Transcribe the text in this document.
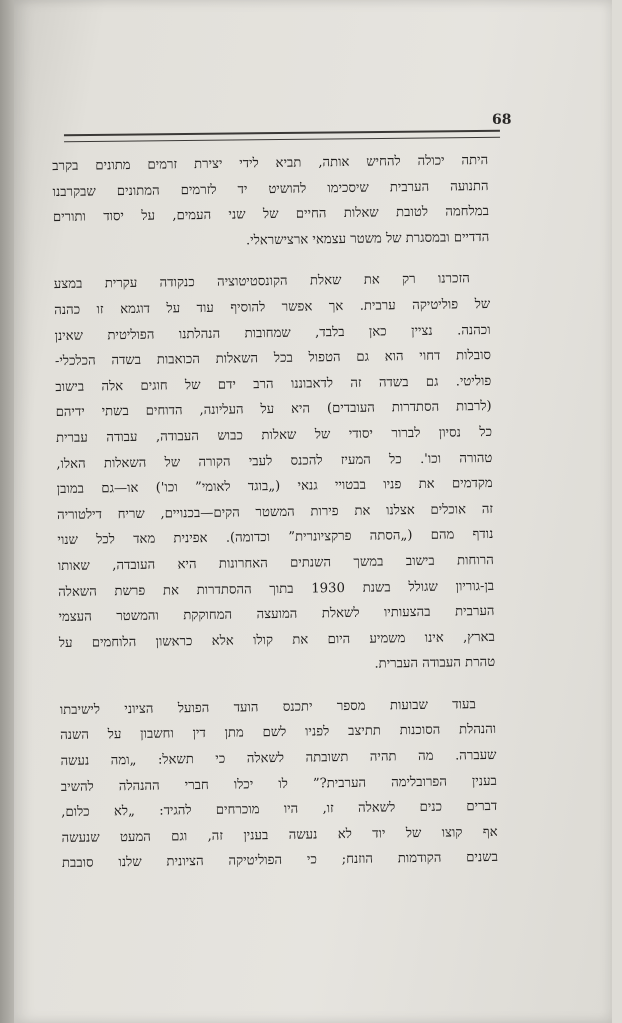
68
היתה יכולה להחיש אותה, תביא לידי יצירת זרמים מתונים בקרב
התנועה הערבית שיסכימו להושיט יד לזרמים המתונים שבקרבנו
במלחמה לטובת שאלות החיים של שני העמים, על יסוד ותורים
הדדיים ובמסגרת של משטר עצמאי ארצישראלי.
הזכרנו רק את שאלת הקונסטיטוציה כנקודה עקרית במצע
של פוליטיקה ערבית. אך אפשר להוסיף עוד על דוגמא זו כהנה
וכהנה. נציין כאן בלבד, שמחובות הנהלתנו הפוליטית שאינן
סובלות דחוי הוא גם הטפול בכל השאלות הכואבות בשדה הכלכלי-
פוליטי. גם בשדה זה לדאבוננו הרב ידם של חוגים אלה בישוב
(לרבות הסתדרות העובדים) היא על העליונה, הדוחים בשתי ידיהם
כל נסיון לברור יסודי של שאלות כבוש העבודה, עבודה עברית
טהורה וכו'. כל המעיז להכנס לעבי הקורה של השאלות האלו,
מקדמים את פניו בבטויי גנאי („בוגד לאומי” וכו') או—גם במובן
זה אוכלים אצלנו את פירות המשטר הקים—בכנויים, שריח דילטוריה
נודף מהם („הסתה פרקציונרית” וכדומה). אפינית מאד לכל שנוי
הרוחות בישוב במשך השנתים האחרונות היא העובדה, שאותו
בן-גוריון שגולל בשנת 1930 בתוך ההסתדרות את פרשת השאלה
הערבית בהצעותיו לשאלת המועצה המחוקקת והמשטר העצמי
בארץ, אינו משמיע היום את קולו אלא כראשון הלוחמים על
טהרת העבודה העברית.
בעוד שבועות מספר יתכנס הועד הפועל הציוני לישיבתו
והנהלת הסוכנות תתיצב לפניו לשם מתן דין וחשבון על השנה
שעברה. מה תהיה תשובתה לשאלה כי תשאל: „ומה נעשה
בענין הפרובלימה הערבית?” לו יכלו חברי ההנהלה להשיב
דברים כנים לשאלה זו, היו מוכרחים להגיד: „לא כלום,
אף קוצו של יוד לא נעשה בענין זה, וגם המעט שנעשה
בשנים הקודמות הוזנח; כי הפוליטיקה הציונית שלנו סובבת
